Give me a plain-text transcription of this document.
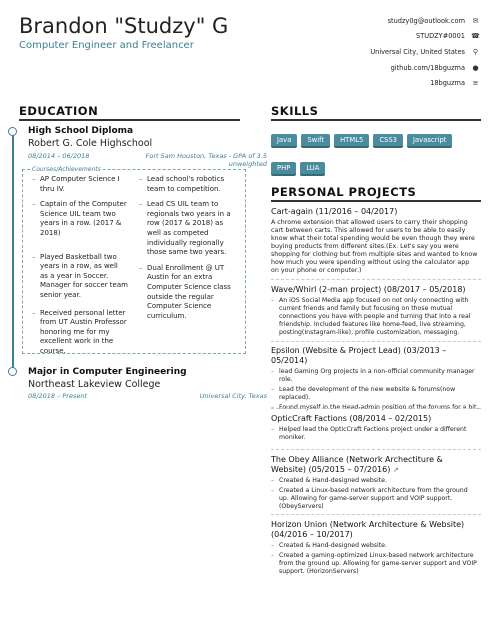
Brandon "Studzy" G
Computer Engineer and Freelancer
studzy0g@outlook.com ✉
STUDZY#0001 ☎
Universal City, United States ⚲
github.com/18bguzma ●
18bguzma ≡
EDUCATION
High School Diploma
Robert G. Cole Highschool
08/2014 – 06/2018	Fort Sam Houston, Texas - GPA of 3.5 unweighted
Courses/Achievements
– AP Computer Science I thru IV.
– Captain of the Computer Science UIL team two years in a row. (2017 & 2018)
– Played Basketball two years in a row, as well as a year in Soccer. Manager for soccer team senior year.
– Received personal letter from UT Austin Professor honoring me for my excellent work in the course.
– Lead school's robotics team to competition.
– Lead CS UIL team to regionals two years in a row (2017 & 2018) as well as competed individually regionally those same two years.
– Dual Enrollment @ UT Austin for an extra Computer Science class outside the regular Computer Science curriculum.
Major in Computer Engineering
Northeast Lakeview College
08/2018 – Present	Universal City, Texas
SKILLS
Java Swift HTML5 CSS3 Javascript
PHP LUA
PERSONAL PROJECTS
Cart-again (11/2016 – 04/2017)
A chrome extension that allowed users to carry their shopping cart between carts. This allowed for users to be able to easily know what their total spending would be even though they were buying products from different sites.(Ex. Let's say you were shopping for clothing but from multiple sites and wanted to know how much you were spending without using the calculator app on your phone or computer.)
Wave/Whirl (2-man project) (08/2017 – 05/2018)
– An iOS Social Media app focused on not only connecting with current friends and family but focusing on those mutual connections you have with people and turning that into a real friendship. Included features like home-feed, live streaming, posting(Instagram-like), profile customization, messaging.
Epsilon (Website & Project Lead) (03/2013 – 05/2014)
– lead Gaming Org projects in a non-official community manager role.
– Lead the development of the new website & forums(now replaced).
– Found myself in the Head-admin position of the forums for a bit.
OpticCraft Factions (08/2014 – 02/2015)
– Helped lead the OpticCraft Factions project under a different moniker.
The Obey Alliance (Network Archectiture & Website) (05/2015 – 07/2016) ↗
– Created & Hand-designed website.
– Created a Linux-based network architecture from the ground up. Allowing for game-server support and VOIP support. (ObeyServers)
Horizon Union (Network Architecture & Website) (04/2016 – 10/2017)
– Created & Hand-designed website.
– Created a gaming-optimized Linux-based network architecture from the ground up. Allowing for game-server support and VOIP support. (HorizonServers)
